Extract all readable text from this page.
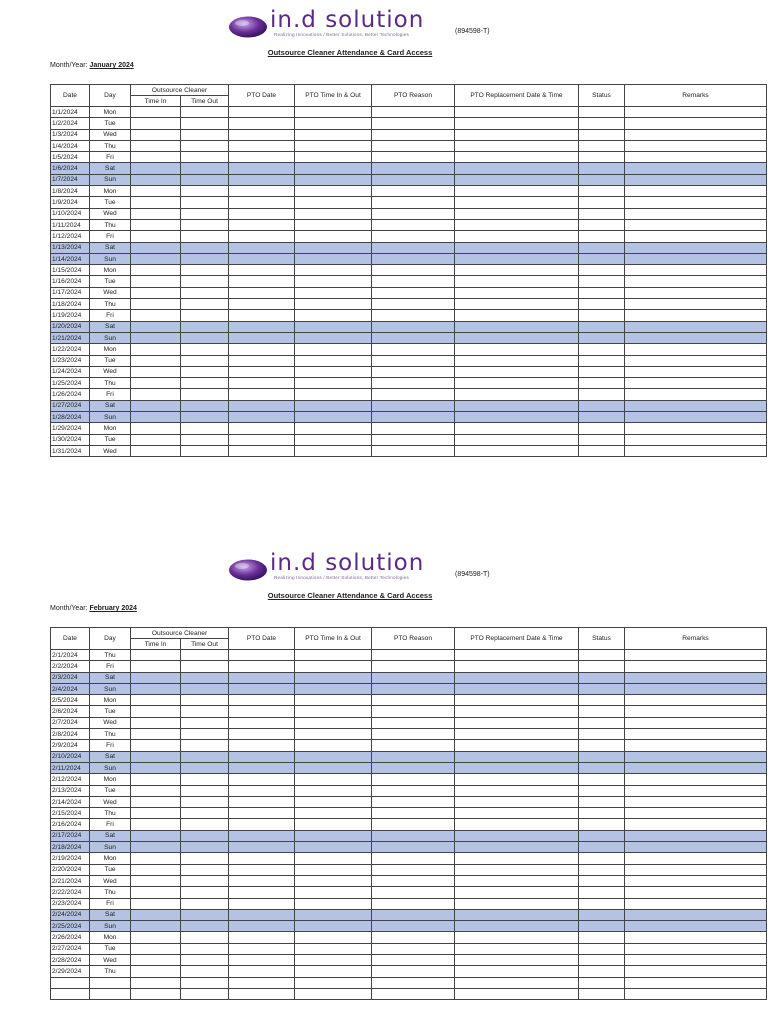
in.d solution
Realizing Innovations / Better Solutions, Better Technologies	(894598-T)
Outsource Cleaner Attendance & Card Access
Month/Year: January 2024
Date	Day	Outsource Cleaner		PTO Date	PTO Time In & Out	PTO Reason	PTO Replacement Date & Time	Status	Remarks
		Time In	Time Out						
1/1/2024	Mon								
1/2/2024	Tue								
1/3/2024	Wed								
1/4/2024	Thu								
1/5/2024	Fri								
1/6/2024	Sat								
1/7/2024	Sun								
1/8/2024	Mon								
1/9/2024	Tue								
1/10/2024	Wed								
1/11/2024	Thu								
1/12/2024	Fri								
1/13/2024	Sat								
1/14/2024	Sun								
1/15/2024	Mon								
1/16/2024	Tue								
1/17/2024	Wed								
1/18/2024	Thu								
1/19/2024	Fri								
1/20/2024	Sat								
1/21/2024	Sun								
1/22/2024	Mon								
1/23/2024	Tue								
1/24/2024	Wed								
1/25/2024	Thu								
1/26/2024	Fri								
1/27/2024	Sat								
1/28/2024	Sun								
1/29/2024	Mon								
1/30/2024	Tue								
1/31/2024	Wed								
in.d solution
Realizing Innovations / Better Solutions, Better Technologies	(894598-T)
Outsource Cleaner Attendance & Card Access
Month/Year: February 2024
Date	Day	Outsource Cleaner		PTO Date	PTO Time In & Out	PTO Reason	PTO Replacement Date & Time	Status	Remarks
		Time In	Time Out						
2/1/2024	Thu								
2/2/2024	Fri								
2/3/2024	Sat								
2/4/2024	Sun								
2/5/2024	Mon								
2/6/2024	Tue								
2/7/2024	Wed								
2/8/2024	Thu								
2/9/2024	Fri								
2/10/2024	Sat								
2/11/2024	Sun								
2/12/2024	Mon								
2/13/2024	Tue								
2/14/2024	Wed								
2/15/2024	Thu								
2/16/2024	Fri								
2/17/2024	Sat								
2/18/2024	Sun								
2/19/2024	Mon								
2/20/2024	Tue								
2/21/2024	Wed								
2/22/2024	Thu								
2/23/2024	Fri								
2/24/2024	Sat								
2/25/2024	Sun								
2/26/2024	Mon								
2/27/2024	Tue								
2/28/2024	Wed								
2/29/2024	Thu								
